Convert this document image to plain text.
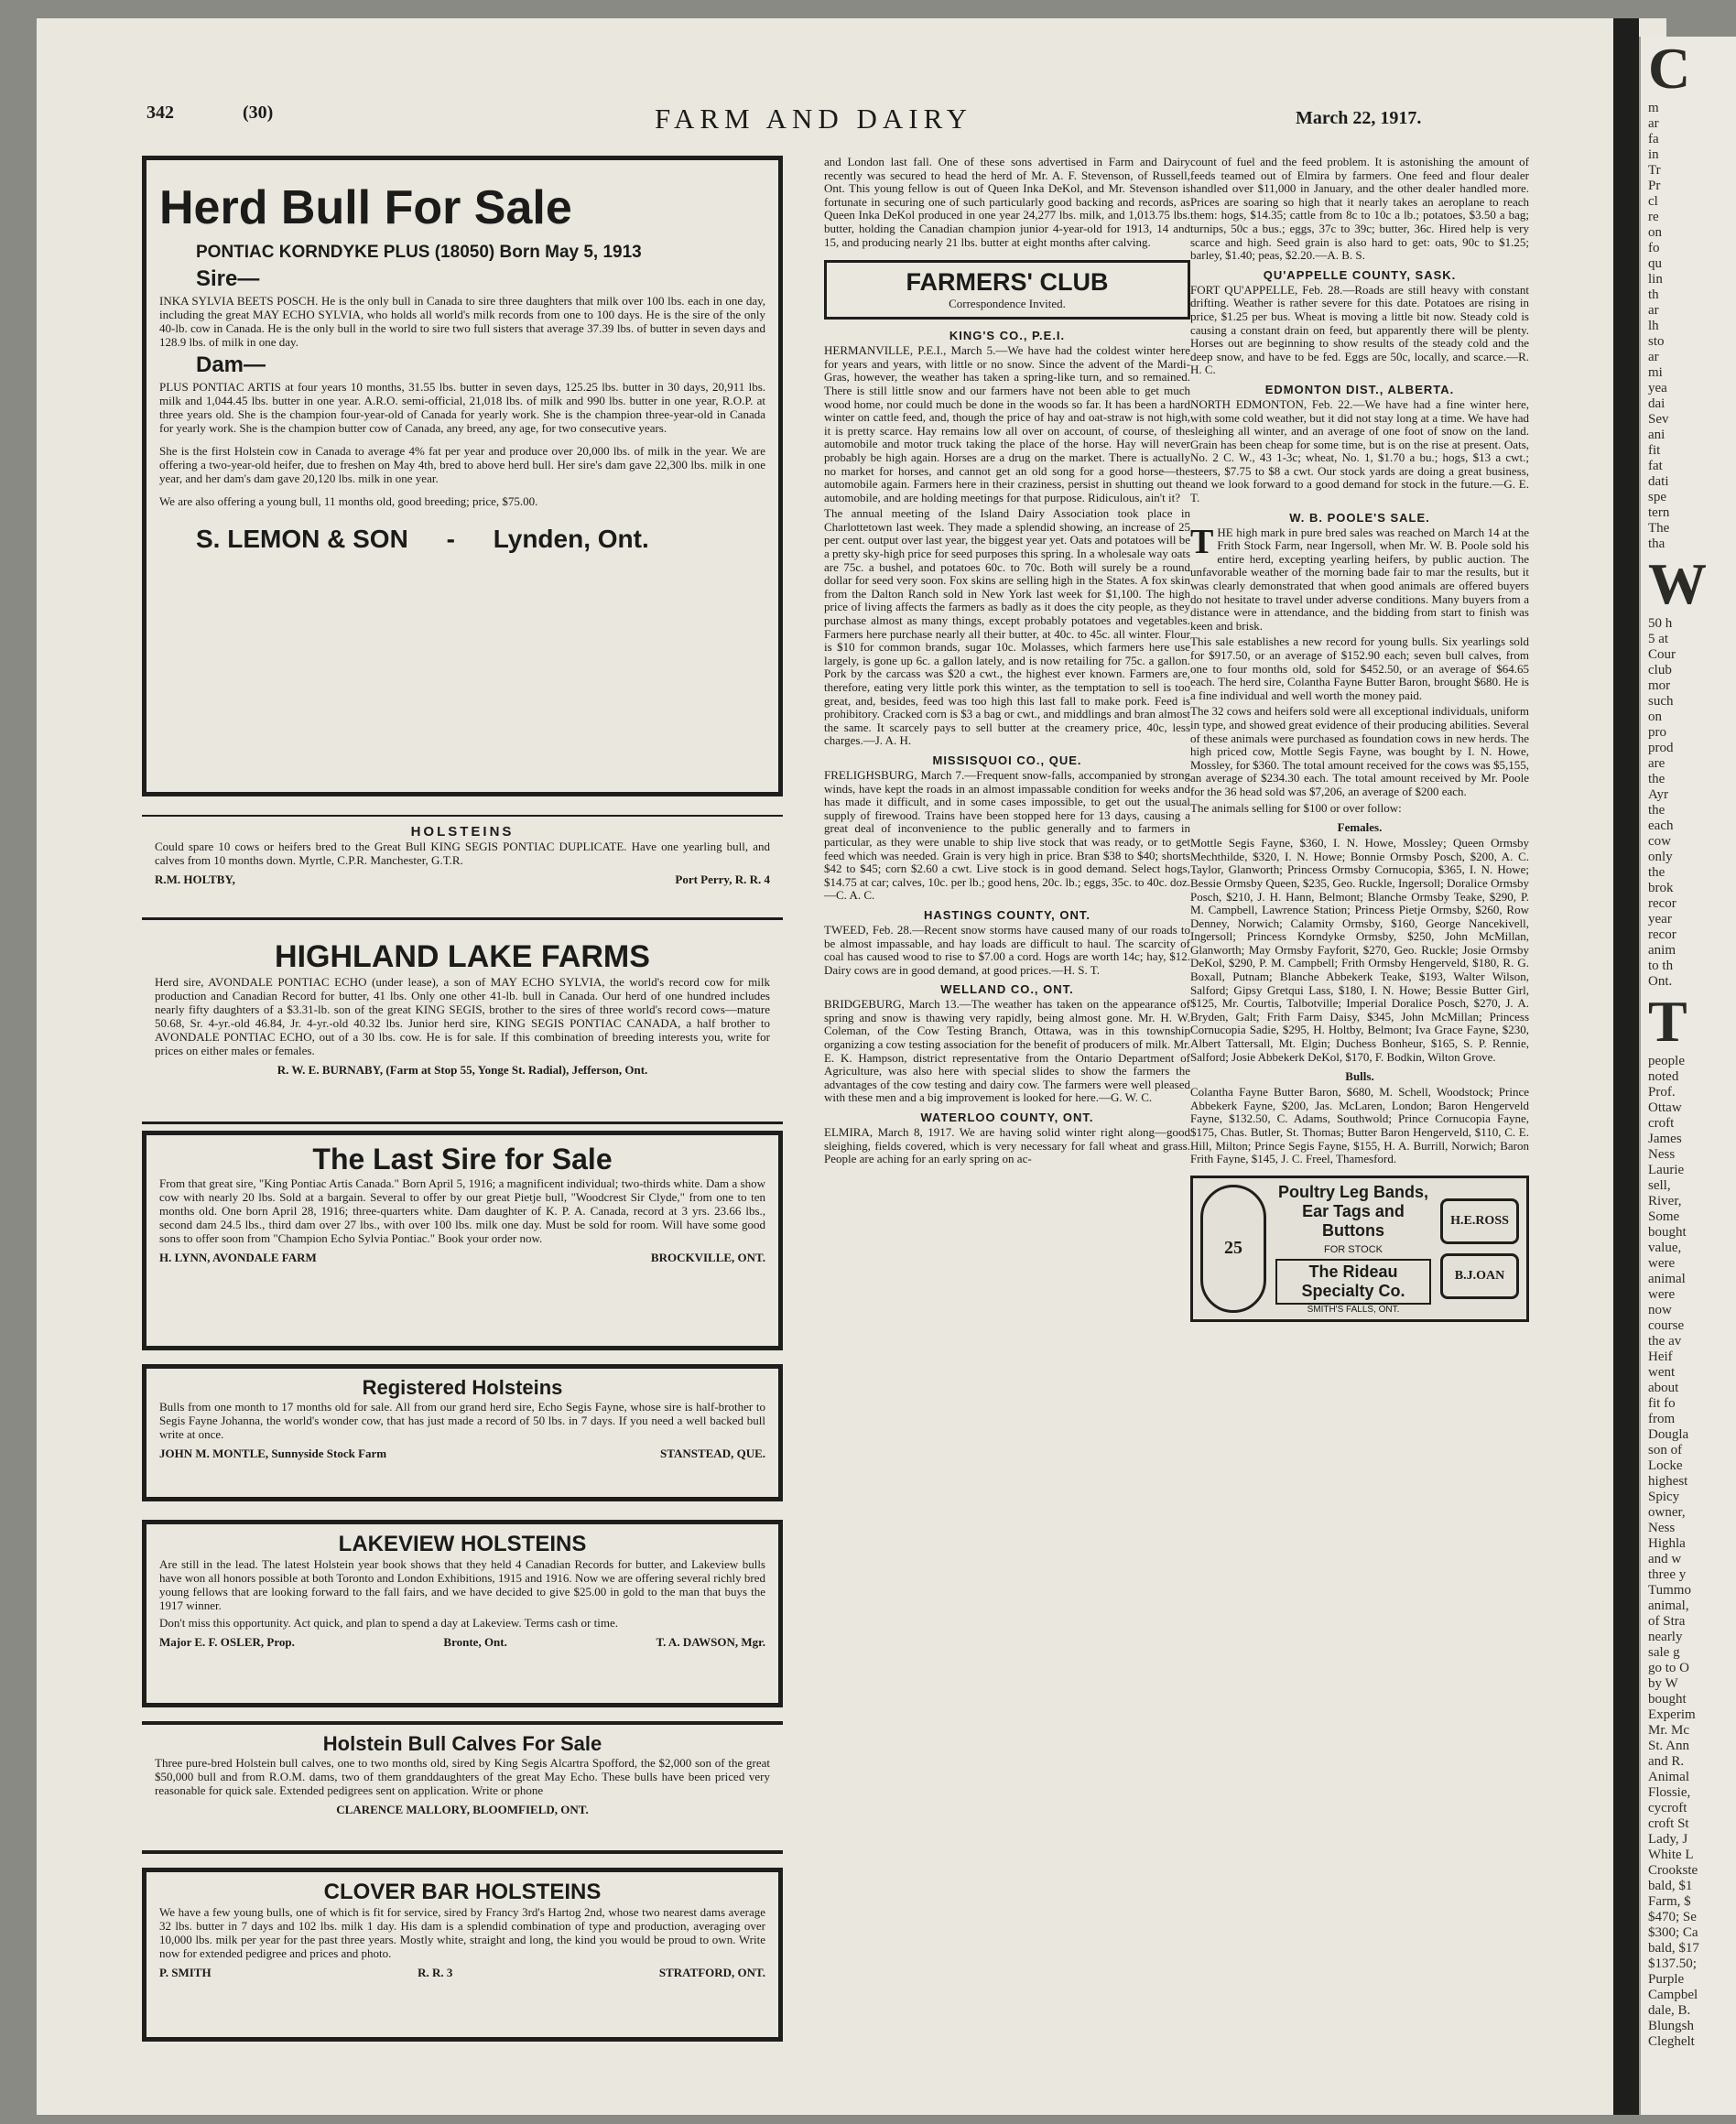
C
m
ar
fa
in
Tr
Pr
cl
re
on
fo
qu
lin
th
ar
lh
sto
ar
mi
yea
dai
Sev
ani
fit
fat
dati
spe
tern
The
tha
W
50 h
5 at
Cour
club
mor
such
on
pro
prod
are
the
Ayr
the
each
cow
only
the
brok
recor
year
recor
anim
to th
Ont.
T
people
noted
Prof.
Ottaw
croft
James
Ness
Laurie
sell,
River,
Some
bought
value,
were
animal
were
now
course
the av
Heif
went
about
fit fo
from
Dougla
son of
Locke
highest
Spicy
owner,
Ness
Highla
and w
three y
Tummo
animal,
of Stra
nearly
sale g
go to O
by W
bought
Experim
Mr. Mc
St. Ann
and R.
Animal
Flossie,
cycroft
croft St
Lady, J
White L
Crookste
bald, $1
Farm, $
$470; Se
$300; Ca
bald, $17
$137.50;
Purple
Campbel
dale, B.
Blungsh
Cleghelt
342	(30)	FARM AND DAIRY	March 22, 1917.
Herd Bull For Sale
PONTIAC KORNDYKE PLUS (18050) Born May 5, 1913
Sire—

INKA SYLVIA BEETS POSCH. He is the only bull in Canada to sire three daughters that milk over 100 lbs. each in one day, including the great MAY ECHO SYLVIA, who holds all world's milk records from one to 100 days. He is the sire of the only 40-lb. cow in Canada. He is the only bull in the world to sire two full sisters that average 37.39 lbs. of butter in seven days and 128.9 lbs. of milk in one day.

Dam—

PLUS PONTIAC ARTIS at four years 10 months, 31.55 lbs. butter in seven days, 125.25 lbs. butter in 30 days, 20,911 lbs. milk and 1,044.45 lbs. butter in one year. A.R.O. semi-official, 21,018 lbs. of milk and 990 lbs. butter in one year, R.O.P. at three years old. She is the champion four-year-old of Canada for yearly work. She is the champion three-year-old in Canada for yearly work. She is the champion butter cow of Canada, any breed, any age, for two consecutive years.

She is the first Holstein cow in Canada to average 4% fat per year and produce over 20,000 lbs. of milk in the year. We are offering a two-year-old heifer, due to freshen on May 4th, bred to above herd bull. Her sire's dam gave 22,300 lbs. milk in one year, and her dam's dam gave 20,120 lbs. milk in one year.

We are also offering a young bull, 11 months old, good breeding; price, $75.00.

S. LEMON & SON - Lynden, Ont.
HOLSTEINS

Could spare 10 cows or heifers bred to the Great Bull KING SEGIS PONTIAC DUPLICATE. Have one yearling bull, and calves from 10 months down. Myrtle, C.P.R. Manchester, G.T.R.

R.M. HOLTBY,	Port Perry, R. R. 4
HIGHLAND LAKE FARMS

Herd sire, AVONDALE PONTIAC ECHO (under lease), a son of MAY ECHO SYLVIA, the world's record cow for milk production and Canadian Record for butter, 41 lbs. Only one other 41-lb. bull in Canada. Our herd of one hundred includes nearly fifty daughters of a $3.31-lb. son of the great KING SEGIS, brother to the sires of three world's record cows—mature 50.68, Sr. 4-yr.-old 46.84, Jr. 4-yr.-old 40.32 lbs. Junior herd sire, KING SEGIS PONTIAC CANADA, a half brother to AVONDALE PONTIAC ECHO, out of a 30 lbs. cow. He is for sale. If this combination of breeding interests you, write for prices on either males or females.

R. W. E. BURNABY, (Farm at Stop 55, Yonge St. Radial), Jefferson, Ont.
The Last Sire for Sale

From that great sire, "King Pontiac Artis Canada." Born April 5, 1916; a magnificent individual; two-thirds white. Dam a show cow with nearly 20 lbs. Sold at a bargain. Several to offer by our great Pietje bull, "Woodcrest Sir Clyde," from one to ten months old. One born April 28, 1916; three-quarters white. Dam daughter of K. P. A. Canada, record at 3 yrs. 23.66 lbs., second dam 24.5 lbs., third dam over 27 lbs., with over 100 lbs. milk one day. Must be sold for room. Will have some good sons to offer soon from "Champion Echo Sylvia Pontiac." Book your order now.

H. LYNN, AVONDALE FARM	BROCKVILLE, ONT.
Registered Holsteins

Bulls from one month to 17 months old for sale. All from our grand herd sire, Echo Segis Fayne, whose sire is half-brother to Segis Fayne Johanna, the world's wonder cow, that has just made a record of 50 lbs. in 7 days. If you need a well backed bull write at once.

JOHN M. MONTLE, Sunnyside Stock Farm	STANSTEAD, QUE.
LAKEVIEW HOLSTEINS

Are still in the lead. The latest Holstein year book shows that they held 4 Canadian Records for butter, and Lakeview bulls have won all honors possible at both Toronto and London Exhibitions, 1915 and 1916. Now we are offering several richly bred young fellows that are looking forward to the fall fairs, and we have decided to give $25.00 in gold to the man that buys the 1917 winner.

Don't miss this opportunity. Act quick, and plan to spend a day at Lakeview. Terms cash or time.

Major E. F. OSLER, Prop.	Bronte, Ont.	T. A. DAWSON, Mgr.
Holstein Bull Calves For Sale

Three pure-bred Holstein bull calves, one to two months old, sired by King Segis Alcartra Spofford, the $2,000 son of the great $50,000 bull and from R.O.M. dams, two of them granddaughters of the great May Echo. These bulls have been priced very reasonable for quick sale. Extended pedigrees sent on application. Write or phone

CLARENCE MALLORY, BLOOMFIELD, ONT.
CLOVER BAR HOLSTEINS

We have a few young bulls, one of which is fit for service, sired by Francy 3rd's Hartog 2nd, whose two nearest dams average 32 lbs. butter in 7 days and 102 lbs. milk 1 day. His dam is a splendid combination of type and production, averaging over 10,000 lbs. milk per year for the past three years. Mostly white, straight and long, the kind you would be proud to own. Write now for extended pedigree and prices and photo.

P. SMITH	R. R. 3	STRATFORD, ONT.

and London last fall. One of these sons advertised in Farm and Dairy recently was secured to head the herd of Mr. A. F. Stevenson, of Russell, Ont. This young fellow is out of Queen Inka DeKol, and Mr. Stevenson is fortunate in securing one of such particularly good backing and records, as Queen Inka DeKol produced in one year 24,277 lbs. milk, and 1,013.75 lbs. butter, holding the Canadian champion junior 4-year-old for 1913, 14 and 15, and producing nearly 21 lbs. butter at eight months after calving.

FARMERS' CLUB
Correspondence Invited.
KING'S CO., P.E.I.

HERMANVILLE, P.E.I., March 5.—We have had the coldest winter here for years and years, with little or no snow. Since the advent of the Mardi-Gras, however, the weather has taken a spring-like turn, and so remained. There is still little snow and our farmers have not been able to get much wood home, nor could much be done in the woods so far. It has been a hard winter on cattle feed, and, though the price of hay and oat-straw is not high, it is pretty scarce. Hay remains low all over on account, of course, of the automobile and motor truck taking the place of the horse. Hay will never probably be high again. Horses are a drug on the market. There is actually no market for horses, and cannot get an old song for a good horse—the automobile again. Farmers here in their craziness, persist in shutting out the automobile, and are holding meetings for that purpose. Ridiculous, ain't it?

The annual meeting of the Island Dairy Association took place in Charlottetown last week. They made a splendid showing, an increase of 25 per cent. output over last year, the biggest year yet. Oats and potatoes will be a pretty sky-high price for seed purposes this spring. In a wholesale way oats are 75c. a bushel, and potatoes 60c. to 70c. Both will surely be a round dollar for seed very soon. Fox skins are selling high in the States. A fox skin from the Dalton Ranch sold in New York last week for $1,100. The high price of living affects the farmers as badly as it does the city people, as they purchase almost as many things, except probably potatoes and vegetables. Farmers here purchase nearly all their butter, at 40c. to 45c. all winter. Flour is $10 for common brands, sugar 10c. Molasses, which farmers here use largely, is gone up 6c. a gallon lately, and is now retailing for 75c. a gallon. Pork by the carcass was $20 a cwt., the highest ever known. Farmers are, therefore, eating very little pork this winter, as the temptation to sell is too great, and, besides, feed was too high this last fall to make pork. Feed is prohibitory. Cracked corn is $3 a bag or cwt., and middlings and bran almost the same. It scarcely pays to sell butter at the creamery price, 40c, less charges.—J. A. H.

MISSISQUOI CO., QUE.

FRELIGHSBURG, March 7.—Frequent snow-falls, accompanied by strong winds, have kept the roads in an almost impassable condition for weeks and has made it difficult, and in some cases impossible, to get out the usual supply of firewood. Trains have been stopped here for 13 days, causing a great deal of inconvenience to the public generally and to farmers in particular, as they were unable to ship live stock that was ready, or to get feed which was needed. Grain is very high in price. Bran $38 to $40; shorts $42 to $45; corn $2.60 a cwt. Live stock is in good demand. Select hogs, $14.75 at car; calves, 10c. per lb.; good hens, 20c. lb.; eggs, 35c. to 40c. doz.—C. A. C.

HASTINGS COUNTY, ONT.

TWEED, Feb. 28.—Recent snow storms have caused many of our roads to be almost impassable, and hay loads are difficult to haul. The scarcity of coal has caused wood to rise to $7.00 a cord. Hogs are worth 14c; hay, $12. Dairy cows are in good demand, at good prices.—H. S. T.

WELLAND CO., ONT.

BRIDGEBURG, March 13.—The weather has taken on the appearance of spring and snow is thawing very rapidly, being almost gone. Mr. H. W. Coleman, of the Cow Testing Branch, Ottawa, was in this township organizing a cow testing association for the benefit of producers of milk. Mr. E. K. Hampson, district representative from the Ontario Department of Agriculture, was also here with special slides to show the farmers the advantages of the cow testing and dairy cow. The farmers were well pleased with these men and a big improvement is looked for here.—G. W. C.

WATERLOO COUNTY, ONT.

ELMIRA, March 8, 1917. We are having solid winter right along—good sleighing, fields covered, which is very necessary for fall wheat and grass. People are aching for an early spring on ac-

count of fuel and the feed problem. It is astonishing the amount of feeds teamed out of Elmira by farmers. One feed and flour dealer handled over $11,000 in January, and the other dealer handled more. Prices are soaring so high that it nearly takes an aeroplane to reach them: hogs, $14.35; cattle from 8c to 10c a lb.; potatoes, $3.50 a bag; turnips, 50c a bus.; eggs, 37c to 39c; butter, 36c. Hired help is very scarce and high. Seed grain is also hard to get: oats, 90c to $1.25; barley, $1.40; peas, $2.20.—A. B. S.

QU'APPELLE COUNTY, SASK.

FORT QU'APPELLE, Feb. 28.—Roads are still heavy with constant drifting. Weather is rather severe for this date. Potatoes are rising in price, $1.25 per bus. Wheat is moving a little bit now. Steady cold is causing a constant drain on feed, but apparently there will be plenty. Horses out are beginning to show results of the steady cold and the deep snow, and have to be fed. Eggs are 50c, locally, and scarce.—R. H. C.

EDMONTON DIST., ALBERTA.

NORTH EDMONTON, Feb. 22.—We have had a fine winter here, with some cold weather, but it did not stay long at a time. We have had sleighing all winter, and an average of one foot of snow on the land. Grain has been cheap for some time, but is on the rise at present. Oats, No. 2 C. W., 43 1-3c; wheat, No. 1, $1.70 a bu.; hogs, $13 a cwt.; steers, $7.75 to $8 a cwt. Our stock yards are doing a great business, and we look forward to a good demand for stock in the future.—G. E. T.

W. B. POOLE'S SALE.

THE high mark in pure bred sales was reached on March 14 at the Frith Stock Farm, near Ingersoll, when Mr. W. B. Poole sold his entire herd, excepting yearling heifers, by public auction. The unfavorable weather of the morning bade fair to mar the results, but it was clearly demonstrated that when good animals are offered buyers do not hesitate to travel under adverse conditions. Many buyers from a distance were in attendance, and the bidding from start to finish was keen and brisk.

This sale establishes a new record for young bulls. Six yearlings sold for $917.50, or an average of $152.90 each; seven bull calves, from one to four months old, sold for $452.50, or an average of $64.65 each. The herd sire, Colantha Fayne Butter Baron, brought $680. He is a fine individual and well worth the money paid.

The 32 cows and heifers sold were all exceptional individuals, uniform in type, and showed great evidence of their producing abilities. Several of these animals were purchased as foundation cows in new herds. The high priced cow, Mottle Segis Fayne, was bought by I. N. Howe, Mossley, for $360. The total amount received for the cows was $5,155, an average of $234.30 each. The total amount received by Mr. Poole for the 36 head sold was $7,206, an average of $200 each.

The animals selling for $100 or over follow:

Females.

Mottle Segis Fayne, $360, I. N. Howe, Mossley; Queen Ormsby Mechthilde, $320, I. N. Howe; Bonnie Ormsby Posch, $200, A. C. Taylor, Glanworth; Princess Ormsby Cornucopia, $365, I. N. Howe; Bessie Ormsby Queen, $235, Geo. Ruckle, Ingersoll; Doralice Ormsby Posch, $210, J. H. Hann, Belmont; Blanche Ormsby Teake, $290, P. M. Campbell, Lawrence Station; Princess Pietje Ormsby, $260, Row Denney, Norwich; Calamity Ormsby, $160, George Nancekivell, Ingersoll; Princess Korndyke Ormsby, $250, John McMillan, Glanworth; May Ormsby Fayforit, $270, Geo. Ruckle; Josie Ormsby DeKol, $290, P. M. Campbell; Frith Ormsby Hengerveld, $180, R. G. Boxall, Putnam; Blanche Abbekerk Teake, $193, Walter Wilson, Salford; Gipsy Gretqui Lass, $180, I. N. Howe; Bessie Butter Girl, $125, Mr. Courtis, Talbotville; Imperial Doralice Posch, $270, J. A. Bryden, Galt; Frith Farm Daisy, $345, John McMillan; Princess Cornucopia Sadie, $295, H. Holtby, Belmont; Iva Grace Fayne, $230, Albert Tattersall, Mt. Elgin; Duchess Bonheur, $165, S. P. Rennie, Salford; Josie Abbekerk DeKol, $170, F. Bodkin, Wilton Grove.

Bulls.

Colantha Fayne Butter Baron, $680, M. Schell, Woodstock; Prince Abbekerk Fayne, $200, Jas. McLaren, London; Baron Hengerveld Fayne, $132.50, C. Adams, Southwold; Prince Cornucopia Fayne, $175, Chas. Butler, St. Thomas; Butter Baron Hengerveld, $110, C. E. Hill, Milton; Prince Segis Fayne, $155, H. A. Burrill, Norwich; Baron Frith Fayne, $145, J. C. Freel, Thamesford.

25
Poultry Leg Bands,
Ear Tags and Buttons
FOR STOCK
The Rideau Specialty Co.
SMITH'S FALLS, ONT.
H.E.ROSS
B.J.OAN
